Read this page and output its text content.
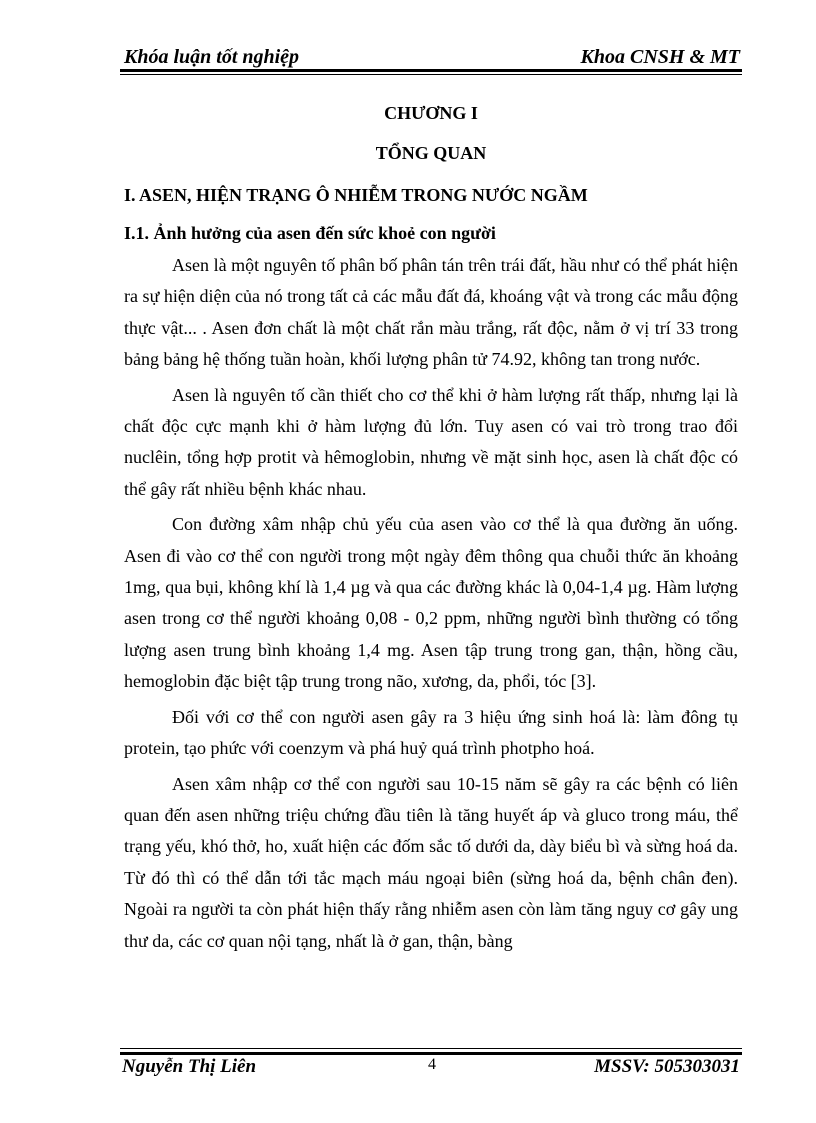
Khóa luận tốt nghiệp	Khoa CNSH & MT

CHƯƠNG I

TỔNG QUAN

I. ASEN, HIỆN TRẠNG Ô NHIỄM TRONG NƯỚC NGẦM

I.1. Ảnh hưởng của asen đến sức khoẻ con người

Asen là một nguyên tố phân bố phân tán trên trái đất, hầu như có thể phát hiện ra sự hiện diện của nó trong tất cả các mẫu đất đá, khoáng vật và trong các mẫu động thực vật... . Asen đơn chất là một chất rắn màu trắng, rất độc, nằm ở vị trí 33 trong bảng bảng hệ thống tuần hoàn, khối lượng phân tử 74.92, không tan trong nước.

Asen là nguyên tố cần thiết cho cơ thể khi ở hàm lượng rất thấp, nhưng lại là chất độc cực mạnh khi ở hàm lượng đủ lớn. Tuy asen có vai trò trong trao đổi nuclêin, tổng hợp protit và hêmoglobin, nhưng về mặt sinh học, asen là chất độc có thể gây rất nhiều bệnh khác nhau.

Con đường xâm nhập chủ yếu của asen vào cơ thể là qua đường ăn uống. Asen đi vào cơ thể con người trong một ngày đêm thông qua chuỗi thức ăn khoảng 1mg, qua bụi, không khí là 1,4 µg và qua các đường khác là 0,04-1,4 µg. Hàm lượng asen trong cơ thể người khoảng 0,08 - 0,2 ppm, những người bình thường có tổng lượng asen trung bình khoảng 1,4 mg. Asen tập trung trong gan, thận, hồng cầu, hemoglobin đặc biệt tập trung trong não, xương, da, phổi, tóc [3].

Đối với cơ thể con người asen gây ra 3 hiệu ứng sinh hoá là: làm đông tụ protein, tạo phức với coenzym và phá huỷ quá trình photpho hoá.

Asen xâm nhập cơ thể con người sau 10-15 năm sẽ gây ra các bệnh có liên quan đến asen những triệu chứng đầu tiên là tăng huyết áp và gluco trong máu, thể trạng yếu, khó thở, ho, xuất hiện các đốm sắc tố dưới da, dày biểu bì và sừng hoá da. Từ đó thì có thể dẫn tới tắc mạch máu ngoại biên (sừng hoá da, bệnh chân đen). Ngoài ra người ta còn phát hiện thấy rằng nhiễm asen còn làm tăng nguy cơ gây ung thư da, các cơ quan nội tạng, nhất là ở gan, thận, bàng

Nguyễn Thị Liên	4	MSSV: 505303031
